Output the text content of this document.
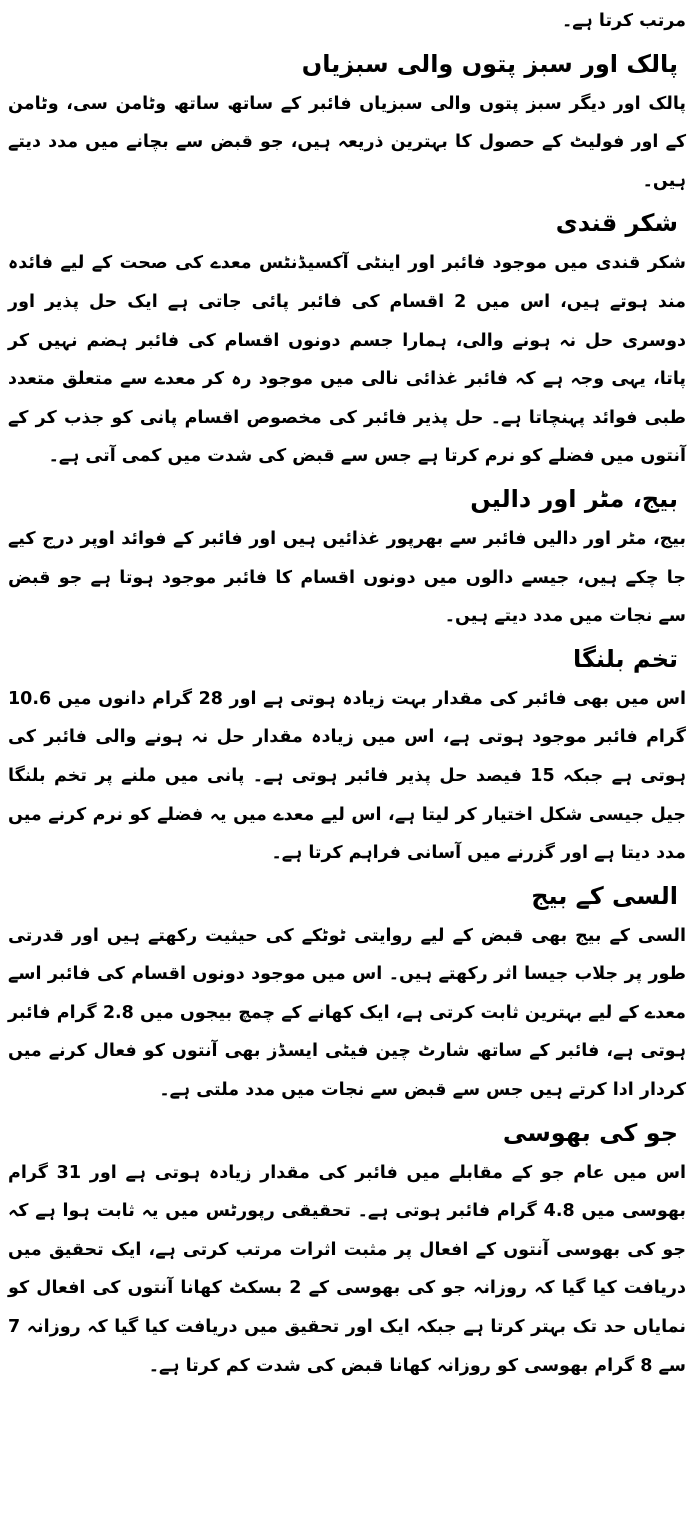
مرتب کرتا ہے۔

پالک اور سبز پتوں والی سبزیاں

پالک اور دیگر سبز پتوں والی سبزیاں فائبر کے ساتھ ساتھ وٹامن سی، وٹامن کے اور فولیٹ کے حصول کا بہترین ذریعہ ہیں، جو قبض سے بچانے میں مدد دیتے ہیں۔

شکر قندی

شکر قندی میں موجود فائبر اور اینٹی آکسیڈنٹس معدے کی صحت کے لیے فائدہ مند ہوتے ہیں، اس میں 2 اقسام کی فائبر پائی جاتی ہے ایک حل پذیر اور دوسری حل نہ ہونے والی، ہمارا جسم دونوں اقسام کی فائبر ہضم نہیں کر پاتا، یہی وجہ ہے کہ فائبر غذائی نالی میں موجود رہ کر معدے سے متعلق متعدد طبی فوائد پہنچاتا ہے۔ حل پذیر فائبر کی مخصوص اقسام پانی کو جذب کر کے آنتوں میں فضلے کو نرم کرتا ہے جس سے قبض کی شدت میں کمی آتی ہے۔

بیج، مٹر اور دالیں

بیج، مٹر اور دالیں فائبر سے بھرپور غذائیں ہیں اور فائبر کے فوائد اوپر درج کیے جا چکے ہیں، جیسے دالوں میں دونوں اقسام کا فائبر موجود ہوتا ہے جو قبض سے نجات میں مدد دیتے ہیں۔

تخم بلنگا

اس میں بھی فائبر کی مقدار بہت زیادہ ہوتی ہے اور 28 گرام دانوں میں 10.6 گرام فائبر موجود ہوتی ہے، اس میں زیادہ مقدار حل نہ ہونے والی فائبر کی ہوتی ہے جبکہ 15 فیصد حل پذیر فائبر ہوتی ہے۔ پانی میں ملنے پر تخم بلنگا جیل جیسی شکل اختیار کر لیتا ہے، اس لیے معدے میں یہ فضلے کو نرم کرنے میں مدد دیتا ہے اور گزرنے میں آسانی فراہم کرتا ہے۔

السی کے بیج

السی کے بیج بھی قبض کے لیے روایتی ٹوٹکے کی حیثیت رکھتے ہیں اور قدرتی طور پر جلاب جیسا اثر رکھتے ہیں۔ اس میں موجود دونوں اقسام کی فائبر اسے معدے کے لیے بہترین ثابت کرتی ہے، ایک کھانے کے چمچ بیجوں میں 2.8 گرام فائبر ہوتی ہے، فائبر کے ساتھ شارٹ چین فیٹی ایسڈز بھی آنتوں کو فعال کرنے میں کردار ادا کرتے ہیں جس سے قبض سے نجات میں مدد ملتی ہے۔

جو کی بھوسی

اس میں عام جو کے مقابلے میں فائبر کی مقدار زیادہ ہوتی ہے اور 31 گرام بھوسی میں 4.8 گرام فائبر ہوتی ہے۔ تحقیقی رپورٹس میں یہ ثابت ہوا ہے کہ جو کی بھوسی آنتوں کے افعال پر مثبت اثرات مرتب کرتی ہے، ایک تحقیق میں دریافت کیا گیا کہ روزانہ جو کی بھوسی کے 2 بسکٹ کھانا آنتوں کی افعال کو نمایاں حد تک بہتر کرتا ہے جبکہ ایک اور تحقیق میں دریافت کیا گیا کہ روزانہ 7 سے 8 گرام بھوسی کو روزانہ کھانا قبض کی شدت کم کرتا ہے۔
